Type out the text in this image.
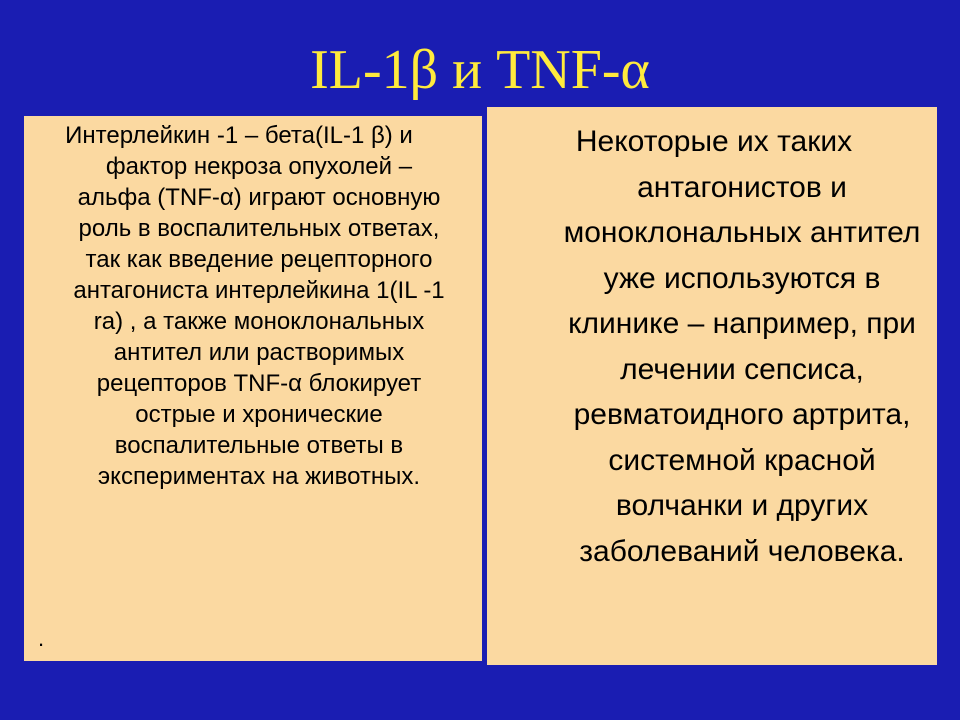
IL-1β и TNF-α

Интерлейкин -1 – бета(IL-1 β) и фактор некроза опухолей –альфа (TNF-α) играют основную роль в воспалительных ответах, так как введение рецепторного антагониста интерлейкина 1(IL -1 ra) , а также моноклональных антител или растворимых рецепторов TNF-α блокирует острые и хронические воспалительные ответы в экспериментах на животных.

.

Некоторые их таких антагонистов и моноклональных антител уже используются в клинике – например, при лечении сепсиса, ревматоидного артрита, системной красной волчанки и других заболеваний человека.
